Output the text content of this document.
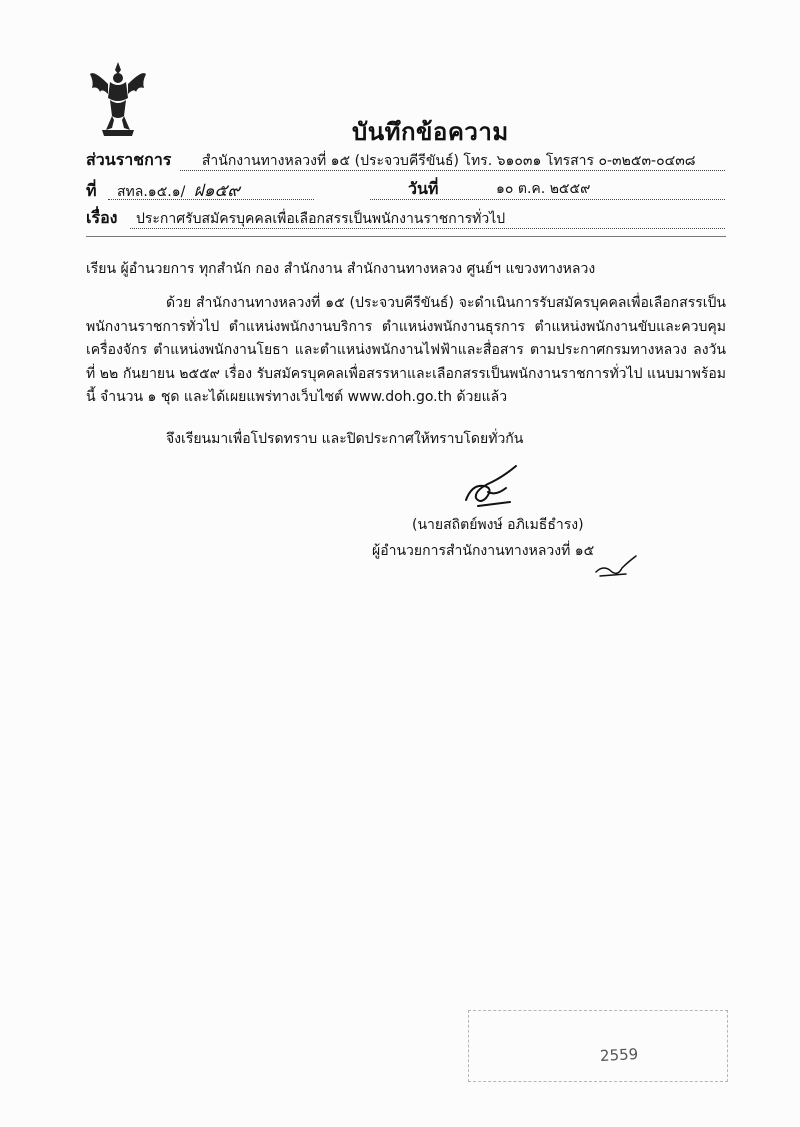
บันทึกข้อความ
ส่วนราชการ สำนักงานทางหลวงที่ ๑๕ (ประจวบคีรีขันธ์) โทร. ๖๑๐๓๑ โทรสาร ๐-๓๒๕๓-๐๔๓๘
ที่ สทล.๑๕.๑/ ฝ๑๕๙	วันที่	๑๐ ต.ค. ๒๕๕๙
เรื่อง ประกาศรับสมัครบุคคลเพื่อเลือกสรรเป็นพนักงานราชการทั่วไป
เรียน ผู้อำนวยการ ทุกสำนัก กอง สำนักงาน สำนักงานทางหลวง ศูนย์ฯ แขวงทางหลวง
ด้วย สำนักงานทางหลวงที่ ๑๕ (ประจวบคีรีขันธ์) จะดำเนินการรับสมัครบุคคลเพื่อเลือกสรรเป็นพนักงานราชการทั่วไป ตำแหน่งพนักงานบริการ ตำแหน่งพนักงานธุรการ ตำแหน่งพนักงานขับและควบคุมเครื่องจักร ตำแหน่งพนักงานโยธา และตำแหน่งพนักงานไฟฟ้าและสื่อสาร ตามประกาศกรมทางหลวง ลงวันที่ ๒๒ กันยายน ๒๕๕๙ เรื่อง รับสมัครบุคคลเพื่อสรรหาและเลือกสรรเป็นพนักงานราชการทั่วไป แนบมาพร้อมนี้ จำนวน ๑ ชุด และได้เผยแพร่ทางเว็บไซต์ www.doh.go.th ด้วยแล้ว
จึงเรียนมาเพื่อโปรดทราบ และปิดประกาศให้ทราบโดยทั่วกัน
(นายสถิตย์พงษ์ อภิเมธีธำรง)
ผู้อำนวยการสำนักงานทางหลวงที่ ๑๕
2559
